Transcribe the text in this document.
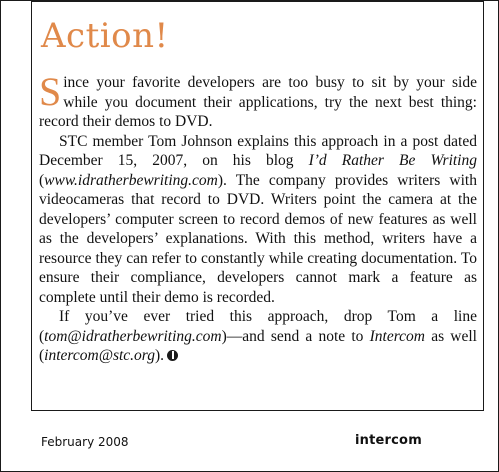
Action!

Since your favorite developers are too busy to sit by your side while you document their applications, try the next best thing: record their demos to DVD.

STC member Tom Johnson explains this approach in a post dated December 15, 2007, on his blog I’d Rather Be Writing (www.idratherbewriting.com). The company provides writers with videocameras that record to DVD. Writers point the camera at the developers’ computer screen to record demos of new features as well as the developers’ explanations. With this method, writers have a resource they can refer to constantly while creating documentation. To ensure their compliance, developers cannot mark a feature as complete until their demo is recorded.

If you’ve ever tried this approach, drop Tom a line (tom@idratherbewriting.com)—and send a note to Intercom as well (intercom@stc.org).

February 2008	intercom
